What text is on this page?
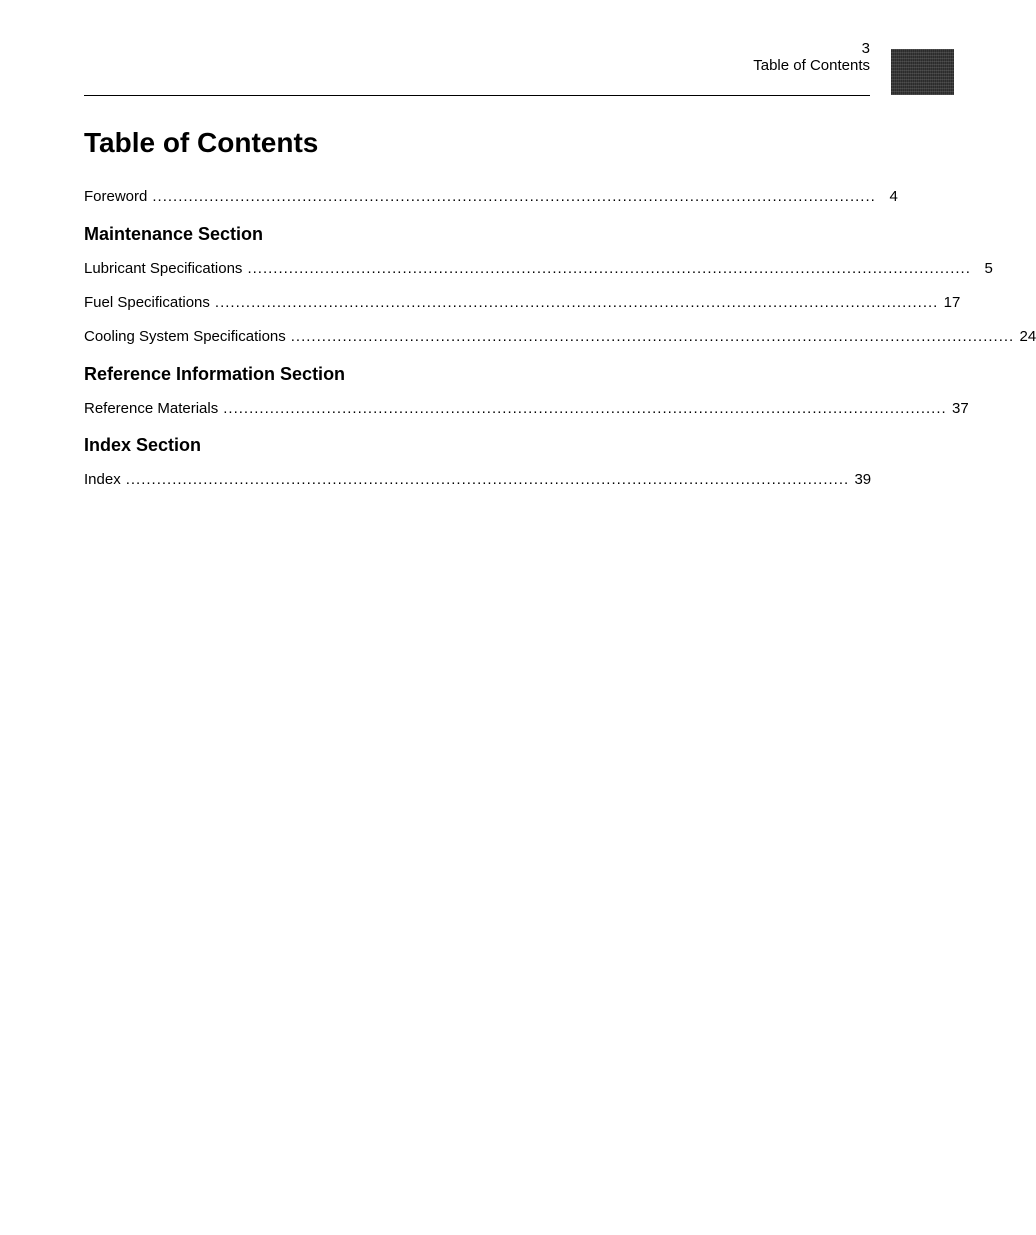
3
Table of Contents
Table of Contents
Foreword ............................................................................................................................................ 4
Maintenance Section
Lubricant Specifications ............................................................................................................................................ 5
Fuel Specifications ............................................................................................................................................ 17
Cooling System Specifications ............................................................................................................................................ 24
Reference Information Section
Reference Materials ............................................................................................................................................ 37
Index Section
Index ............................................................................................................................................ 39
